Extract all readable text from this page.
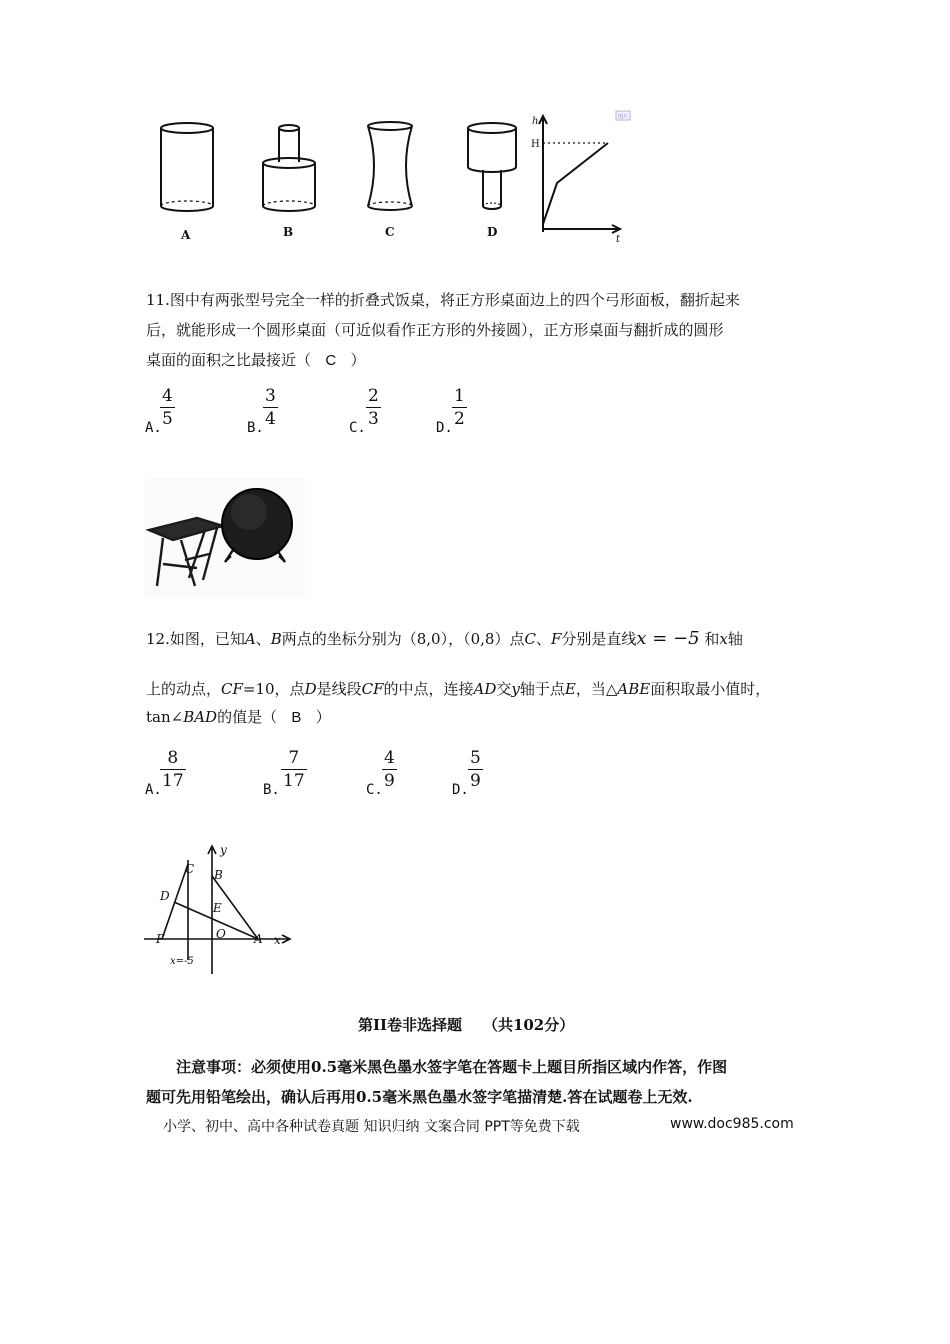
A	B	C	D
h
H
t
图片
11.图中有两张型号完全一样的折叠式饭桌，将正方形桌面边上的四个弓形面板，翻折起来
后，就能形成一个圆形桌面（可近似看作正方形的外接圆），正方形桌面与翻折成的圆形
桌面的面积之比最接近（ C ）
A.
4
5	B.
3
4	C.
2
3	D.
1
2
12.如图，已知A、B两点的坐标分别为（8,0），（0,8）点C、F分别是直线x = −5 和x轴
上的动点，CF=10，点D是线段CF的中点，连接AD交y轴于点E，当△ABE面积取最小值时，
tan∠BAD的值是（ B ）
A.
8
17	B.
7
17	C.
4
9	D.
5
9
y
x
C B
D
E
F	O A
x=-5
第II卷非选择题 （共102分）
注意事项：必须使用0.5毫米黑色墨水签字笔在答题卡上题目所指区域内作答，作图
题可先用铅笔绘出，确认后再用0.5毫米黑色墨水签字笔描清楚.答在试题卷上无效.
小学、初中、高中各种试卷真题 知识归纳 文案合同 PPT等免费下载	www.doc985.com
